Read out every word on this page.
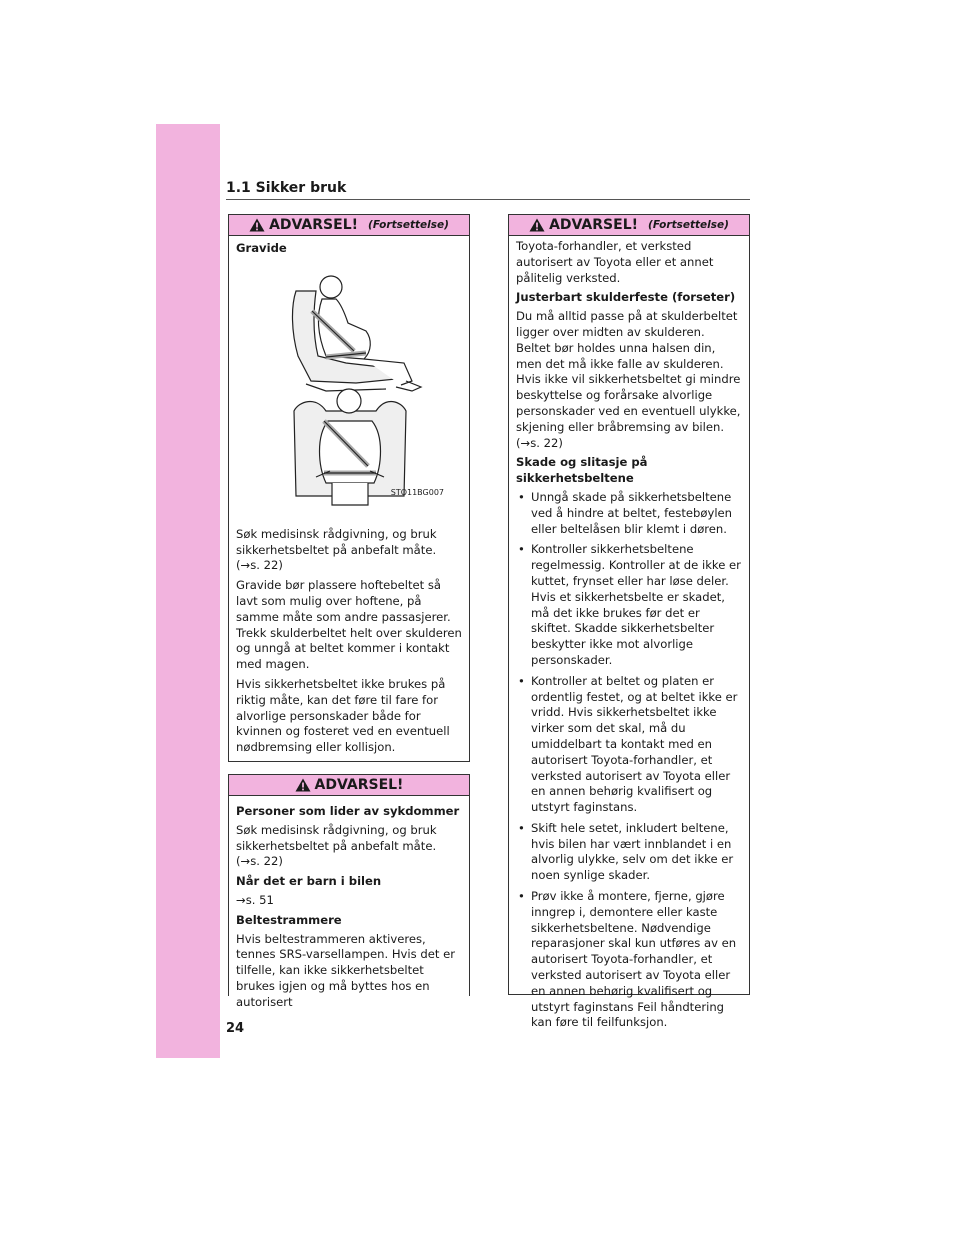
1.1 Sikker bruk
ADVARSEL! (Fortsettelse)

Gravide

STO11BG007

Søk medisinsk rådgivning, og bruk sikkerhetsbeltet på anbefalt måte. (→s. 22)

Gravide bør plassere hoftebeltet så lavt som mulig over hoftene, på samme måte som andre passasjerer. Trekk skulderbeltet helt over skulderen og unngå at beltet kommer i kontakt med magen.

Hvis sikkerhetsbeltet ikke brukes på riktig måte, kan det føre til fare for alvorlige personskader både for kvinnen og fosteret ved en eventuell nødbremsing eller kollisjon.

ADVARSEL!

Personer som lider av sykdommer

Søk medisinsk rådgivning, og bruk sikkerhetsbeltet på anbefalt måte. (→s. 22)

Når det er barn i bilen

→s. 51

Beltestrammere

Hvis beltestrammeren aktiveres, tennes SRS-varsellampen. Hvis det er tilfelle, kan ikke sikkerhetsbeltet brukes igjen og må byttes hos en autorisert

ADVARSEL! (Fortsettelse)

Toyota-forhandler, et verksted autorisert av Toyota eller et annet pålitelig verksted.

Justerbart skulderfeste (forseter)

Du må alltid passe på at skulderbeltet ligger over midten av skulderen. Beltet bør holdes unna halsen din, men det må ikke falle av skulderen. Hvis ikke vil sikkerhetsbeltet gi mindre beskyttelse og forårsake alvorlige personskader ved en eventuell ulykke, skjening eller bråbremsing av bilen. (→s. 22)

Skade og slitasje på sikkerhetsbeltene

• Unngå skade på sikkerhetsbeltene ved å hindre at beltet, festebøylen eller beltelåsen blir klemt i døren.
• Kontroller sikkerhetsbeltene regelmessig. Kontroller at de ikke er kuttet, frynset eller har løse deler. Hvis et sikkerhetsbelte er skadet, må det ikke brukes før det er skiftet. Skadde sikkerhetsbelter beskytter ikke mot alvorlige personskader.
• Kontroller at beltet og platen er ordentlig festet, og at beltet ikke er vridd. Hvis sikkerhetsbeltet ikke virker som det skal, må du umiddelbart ta kontakt med en autorisert Toyota-forhandler, et verksted autorisert av Toyota eller en annen behørig kvalifisert og utstyrt faginstans.
• Skift hele setet, inkludert beltene, hvis bilen har vært innblandet i en alvorlig ulykke, selv om det ikke er noen synlige skader.
• Prøv ikke å montere, fjerne, gjøre inngrep i, demontere eller kaste sikkerhetsbeltene. Nødvendige reparasjoner skal kun utføres av en autorisert Toyota-forhandler, et verksted autorisert av Toyota eller en annen behørig kvalifisert og utstyrt faginstans Feil håndtering kan føre til feilfunksjon.
24
